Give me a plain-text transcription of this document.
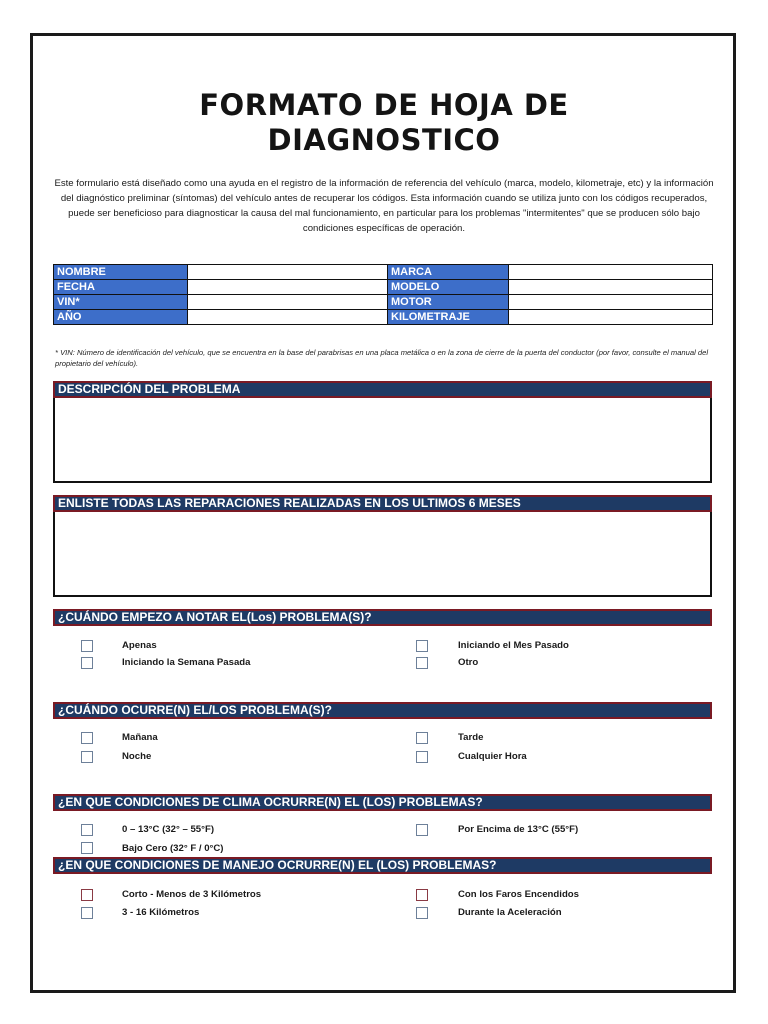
FORMATO DE HOJA DE
DIAGNOSTICO
Este formulario está diseñado como una ayuda en el registro de la información de referencia del vehículo (marca, modelo, kilometraje, etc) y la información del diagnóstico preliminar (síntomas) del vehículo antes de recuperar los códigos. Esta información cuando se utiliza junto con los códigos recuperados, puede ser beneficioso para diagnosticar la causa del mal funcionamiento, en particular para los problemas "intermitentes" que se producen sólo bajo condiciones específicas de operación.
NOMBRE		MARCA	
FECHA		MODELO	
VIN*		MOTOR	
AÑO		KILOMETRAJE	
* VIN: Número de identificación del vehículo, que se encuentra en la base del parabrisas en una placa metálica o en la zona de cierre de la puerta del conductor (por favor, consulte el manual del propietario del vehículo).
DESCRIPCIÓN DEL PROBLEMA
ENLISTE TODAS LAS REPARACIONES REALIZADAS EN LOS ULTIMOS 6 MESES
¿CUÁNDO EMPEZO A NOTAR EL(Los) PROBLEMA(S)?
Apenas
Iniciando la Semana Pasada
Iniciando el Mes Pasado
Otro
¿CUÁNDO OCURRE(N) EL/LOS PROBLEMA(S)?
Mañana
Noche
Tarde
Cualquier Hora
¿EN QUE CONDICIONES DE CLIMA OCRURRE(N) EL (LOS) PROBLEMAS?
0 – 13°C (32° – 55°F)
Bajo Cero (32° F / 0°C)
Por Encima de 13°C (55°F)
¿EN QUE CONDICIONES DE MANEJO OCRURRE(N) EL (LOS) PROBLEMAS?
Corto - Menos de 3 Kilómetros
3 - 16 Kilómetros
Con los Faros Encendidos
Durante la Aceleración
